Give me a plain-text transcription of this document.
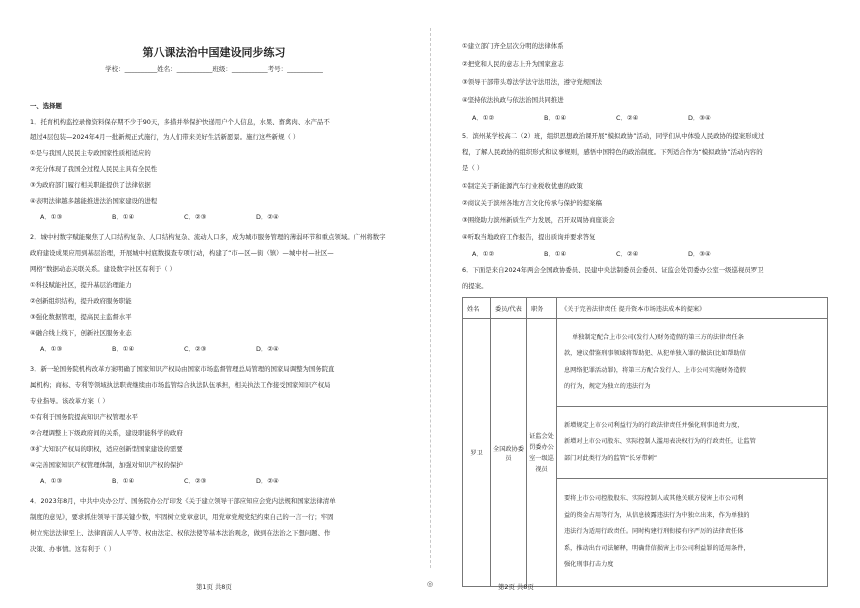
◎
第八课法治中国建设同步练习
学校：__________姓名：___________班级：___________考号：___________
一、选择题
1．托育机构监控录像资料保存期不少于90天，多措并举保护快递用户个人信息，水果、畜禽肉、水产品不
超过4层包装—2024年4月一批新规正式施行，为人们带来美好生活新愿景。施行这些新规（ ）
①是与我国人民民主专政国家性质相适应的
②充分体现了我国全过程人民民主具有全民性
③为政府部门履行相关职能提供了法律依据
④表明法律越多越能推进法治国家建设的进程
A．①③	B．①④	C．②③	D．②④
2．城中村数字赋能聚焦了人口结构复杂、人口结构复杂、流动人口多，成为城市服务管理的薄弱环节和重点领域。广州将数字
政府建设成果应用到基层治理，开展城中村底数摸查专项行动，构建了“市—区—街（镇）—城中村—社区—
网格”数据动态关联关系。建设数字社区有利于（ ）
①科技赋能社区，提升基层治理能力
②创新组织结构，提升政府服务职能
③强化数据管理，提高民主监督水平
④融合线上线下，创新社区服务业态
A．①③	B．①④	C．②③	D．②④
3．新一轮国务院机构改革方案明确了国家知识产权局由国家市场监督管理总局管理的国家局调整为国务院直
属机构；商标、专利等领域执法职责继续由市场监管综合执法队伍承担，相关执法工作接受国家知识产权局
专业指导。该改革方案（ ）
①有利于国务院提高知识产权管理水平
②合理调整上下级政府间的关系，建设职能科学的政府
③扩大知识产权局的职权，适应创新型国家建设的需要
④完善国家知识产权管理体制，加强对知识产权的保护
A．①③	B．①④	C．②③	D．②④
4．2023年8月，中共中央办公厅、国务院办公厅印发《关于建立领导干部应知应会党内法规和国家法律清单
制度的意见》，要求抓住领导干部关键少数，牢固树立党章意识，用党章党规党纪约束自己的一言一行；牢固
树立宪法法律至上、法律面前人人平等、权由法定、权依法使等基本法治观念，做到在法治之下想问题、作
决策、办事情。这有利于（ ）
第1页 共8页
①建立部门齐全层次分明的法律体系
②把党和人民的意志上升为国家意志
③领导干部带头尊法学法守法用法，遵守党规国法
④坚持依法执政与依法治国共同推进
A．①②	B．①④	C．②④	D．③④
5．滨州某学校高二（2）班，组织思想政治课开展“模拟政协”活动，同学们从中体验人民政协的提案形成过
程，了解人民政协的组织形式和议事规则，感悟中国特色的政治制度。下列适合作为“模拟政协”活动内容的
是（ ）
①制定关于新能源汽车行业税收优惠的政策
②商议关于滨州各地方言文化传承与保护的提案稿
③围绕助力滨州新质生产力发展，召开双周协商座谈会
④听取当地政府工作报告，提出质询并要求答复
A．①②	B．①④	C．②④	D．③④
6．下面是来自2024年两会全国政协委员、民建中央法制委员会委员、证监会处罚委办公室一级巡视员罗卫
的提案。
姓名	委员/代表	职务	《关于完善法律责任 提升资本市场违法成本的提案》
罗卫	全国政协委员	证监会处罚委办公室一级巡视员	单独制定配合上市公司(发行人)财务造假的第三方的法律责任条
款，建议借鉴刑事领域将帮助犯、从犯单独入罪的做法(比如帮助信
息网络犯罪活动罪)，将第三方配合发行人、上市公司实施财务造假
的行为，规定为独立的违法行为

			新增规定上市公司利益行为的行政法律责任并强化刑事追责力度，
新增对上市公司股东、实际控制人滥用表决权行为的行政责任，让监管
部门对此类行为的监管“长牙带刺”

			要将上市公司控股股东、实际控制人或其他关联方侵害上市公司利
益的资金占用等行为，从信息披露违法行为中独立出来，作为单独的
违法行为适用行政责任。同时构建行刑衔接有序严厉的法律责任体
系，推动出台司法解释，明确背信损害上市公司利益罪的适用条件，
强化刑事打击力度
第2页 共8页
